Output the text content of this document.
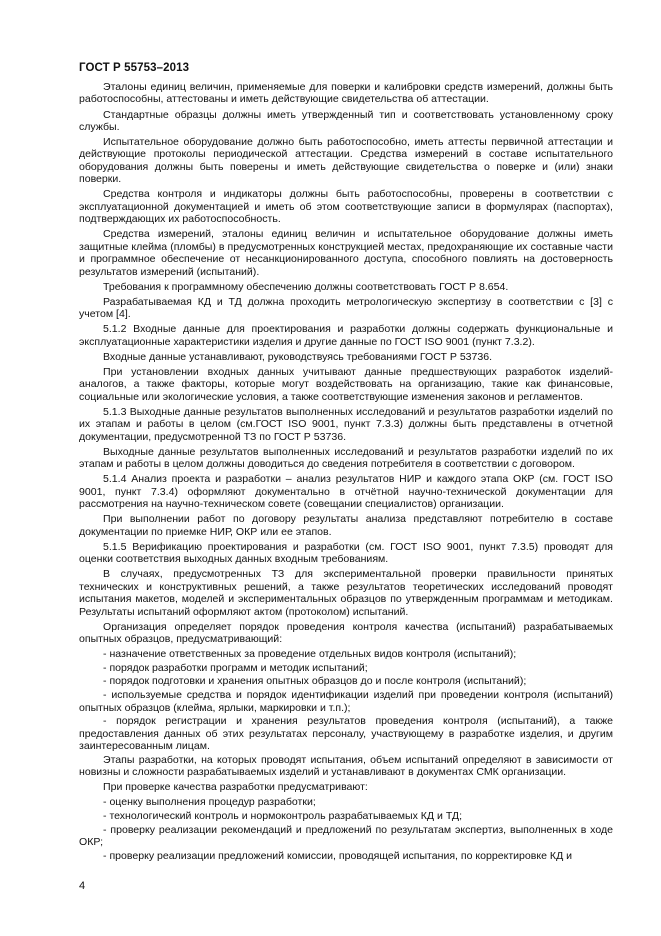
ГОСТ Р 55753–2013

Эталоны единиц величин, применяемые для поверки и калибровки средств измерений, должны быть работоспособны, аттестованы и иметь действующие свидетельства об аттестации.

Стандартные образцы должны иметь утвержденный тип и соответствовать установленному сроку службы.

Испытательное оборудование должно быть работоспособно, иметь аттесты первичной аттестации и действующие протоколы периодической аттестации. Средства измерений в составе испытательного оборудования должны быть поверены и иметь действующие свидетельства о поверке и (или) знаки поверки.

Средства контроля и индикаторы должны быть работоспособны, проверены в соответствии с эксплуатационной документацией и иметь об этом соответствующие записи в формулярах (паспортах), подтверждающих их работоспособность.

Средства измерений, эталоны единиц величин и испытательное оборудование должны иметь защитные клейма (пломбы) в предусмотренных конструкцией местах, предохраняющие их составные части и программное обеспечение от несанкционированного доступа, способного повлиять на достоверность результатов измерений (испытаний).

Требования к программному обеспечению должны соответствовать ГОСТ Р 8.654.

Разрабатываемая КД и ТД должна проходить метрологическую экспертизу в соответствии с [3] с учетом [4].

5.1.2 Входные данные для проектирования и разработки должны содержать функциональные и эксплуатационные характеристики изделия и другие данные по ГОСТ ISO 9001 (пункт 7.3.2).

Входные данные устанавливают, руководствуясь требованиями ГОСТ Р 53736.

При установлении входных данных учитывают данные предшествующих разработок изделий-аналогов, а также факторы, которые могут воздействовать на организацию, такие как финансовые, социальные или экологические условия, а также соответствующие изменения законов и регламентов.

5.1.3 Выходные данные результатов выполненных исследований и результатов разработки изделий по их этапам и работы в целом (см.ГОСТ ISO 9001, пункт 7.3.3) должны быть представлены в отчетной документации, предусмотренной ТЗ по ГОСТ Р 53736.

Выходные данные результатов выполненных исследований и результатов разработки изделий по их этапам и работы в целом должны доводиться до сведения потребителя в соответствии с договором.

5.1.4 Анализ проекта и разработки – анализ результатов НИР и каждого этапа ОКР (см. ГОСТ ISO 9001, пункт 7.3.4) оформляют документально в отчётной научно-технической документации для рассмотрения на научно-техническом совете (совещании специалистов) организации.

При выполнении работ по договору результаты анализа представляют потребителю в составе документации по приемке НИР, ОКР или ее этапов.

5.1.5 Верификацию проектирования и разработки (см. ГОСТ ISO 9001, пункт 7.3.5) проводят для оценки соответствия выходных данных входным требованиям.

В случаях, предусмотренных ТЗ для экспериментальной проверки правильности принятых технических и конструктивных решений, а также результатов теоретических исследований проводят испытания макетов, моделей и экспериментальных образцов по утвержденным программам и методикам. Результаты испытаний оформляют актом (протоколом) испытаний.

Организация определяет порядок проведения контроля качества (испытаний) разрабатываемых опытных образцов, предусматривающий:

- назначение ответственных за проведение отдельных видов контроля (испытаний);

- порядок разработки программ и методик испытаний;

- порядок подготовки и хранения опытных образцов до и после контроля (испытаний);

- используемые средства и порядок идентификации изделий при проведении контроля (испытаний) опытных образцов (клейма, ярлыки, маркировки и т.п.);

- порядок регистрации и хранения результатов проведения контроля (испытаний), а также предоставления данных об этих результатах персоналу, участвующему в разработке изделия, и другим заинтересованным лицам.

Этапы разработки, на которых проводят испытания, объем испытаний определяют в зависимости от новизны и сложности разрабатываемых изделий и устанавливают в документах СМК организации.

При проверке качества разработки предусматривают:

- оценку выполнения процедур разработки;

- технологический контроль и нормоконтроль разрабатываемых КД и ТД;

- проверку реализации рекомендаций и предложений по результатам экспертиз, выполненных в ходе ОКР;

- проверку реализации предложений комиссии, проводящей испытания, по корректировке КД и

4
